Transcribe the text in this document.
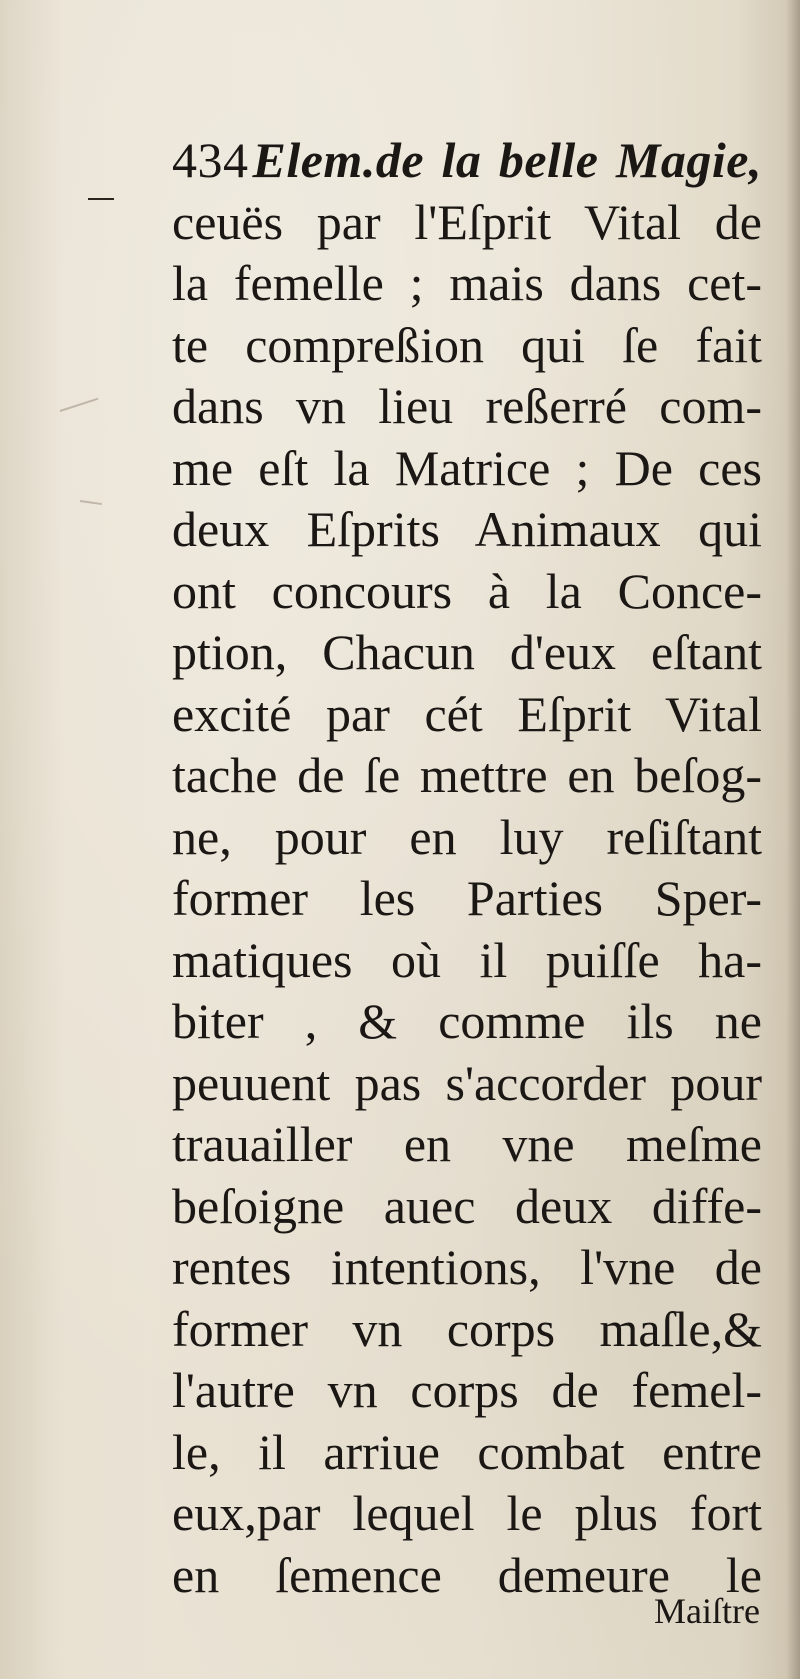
434Elem.de la belle Magie,
ceuës par l'Eſprit Vital de
la femelle ; mais dans cet-
te compreßion qui ſe fait
dans vn lieu reßerré com-
me eſt la Matrice ; De ces
deux Eſprits Animaux qui
ont concours à la Conce-
ption, Chacun d'eux eſtant
excité par cét Eſprit Vital
tache de ſe mettre en beſog-
ne, pour en luy reſiſtant
former les Parties Sper-
matiques où il puiſſe ha-
biter , & comme ils ne
peuuent pas s'accorder pour
trauailler en vne meſme
beſoigne auec deux diffe-
rentes intentions, l'vne de
former vn corps maſle,&
l'autre vn corps de femel-
le, il arriue combat entre
eux,par lequel le plus fort
en ſemence demeure le
Maiſtre
